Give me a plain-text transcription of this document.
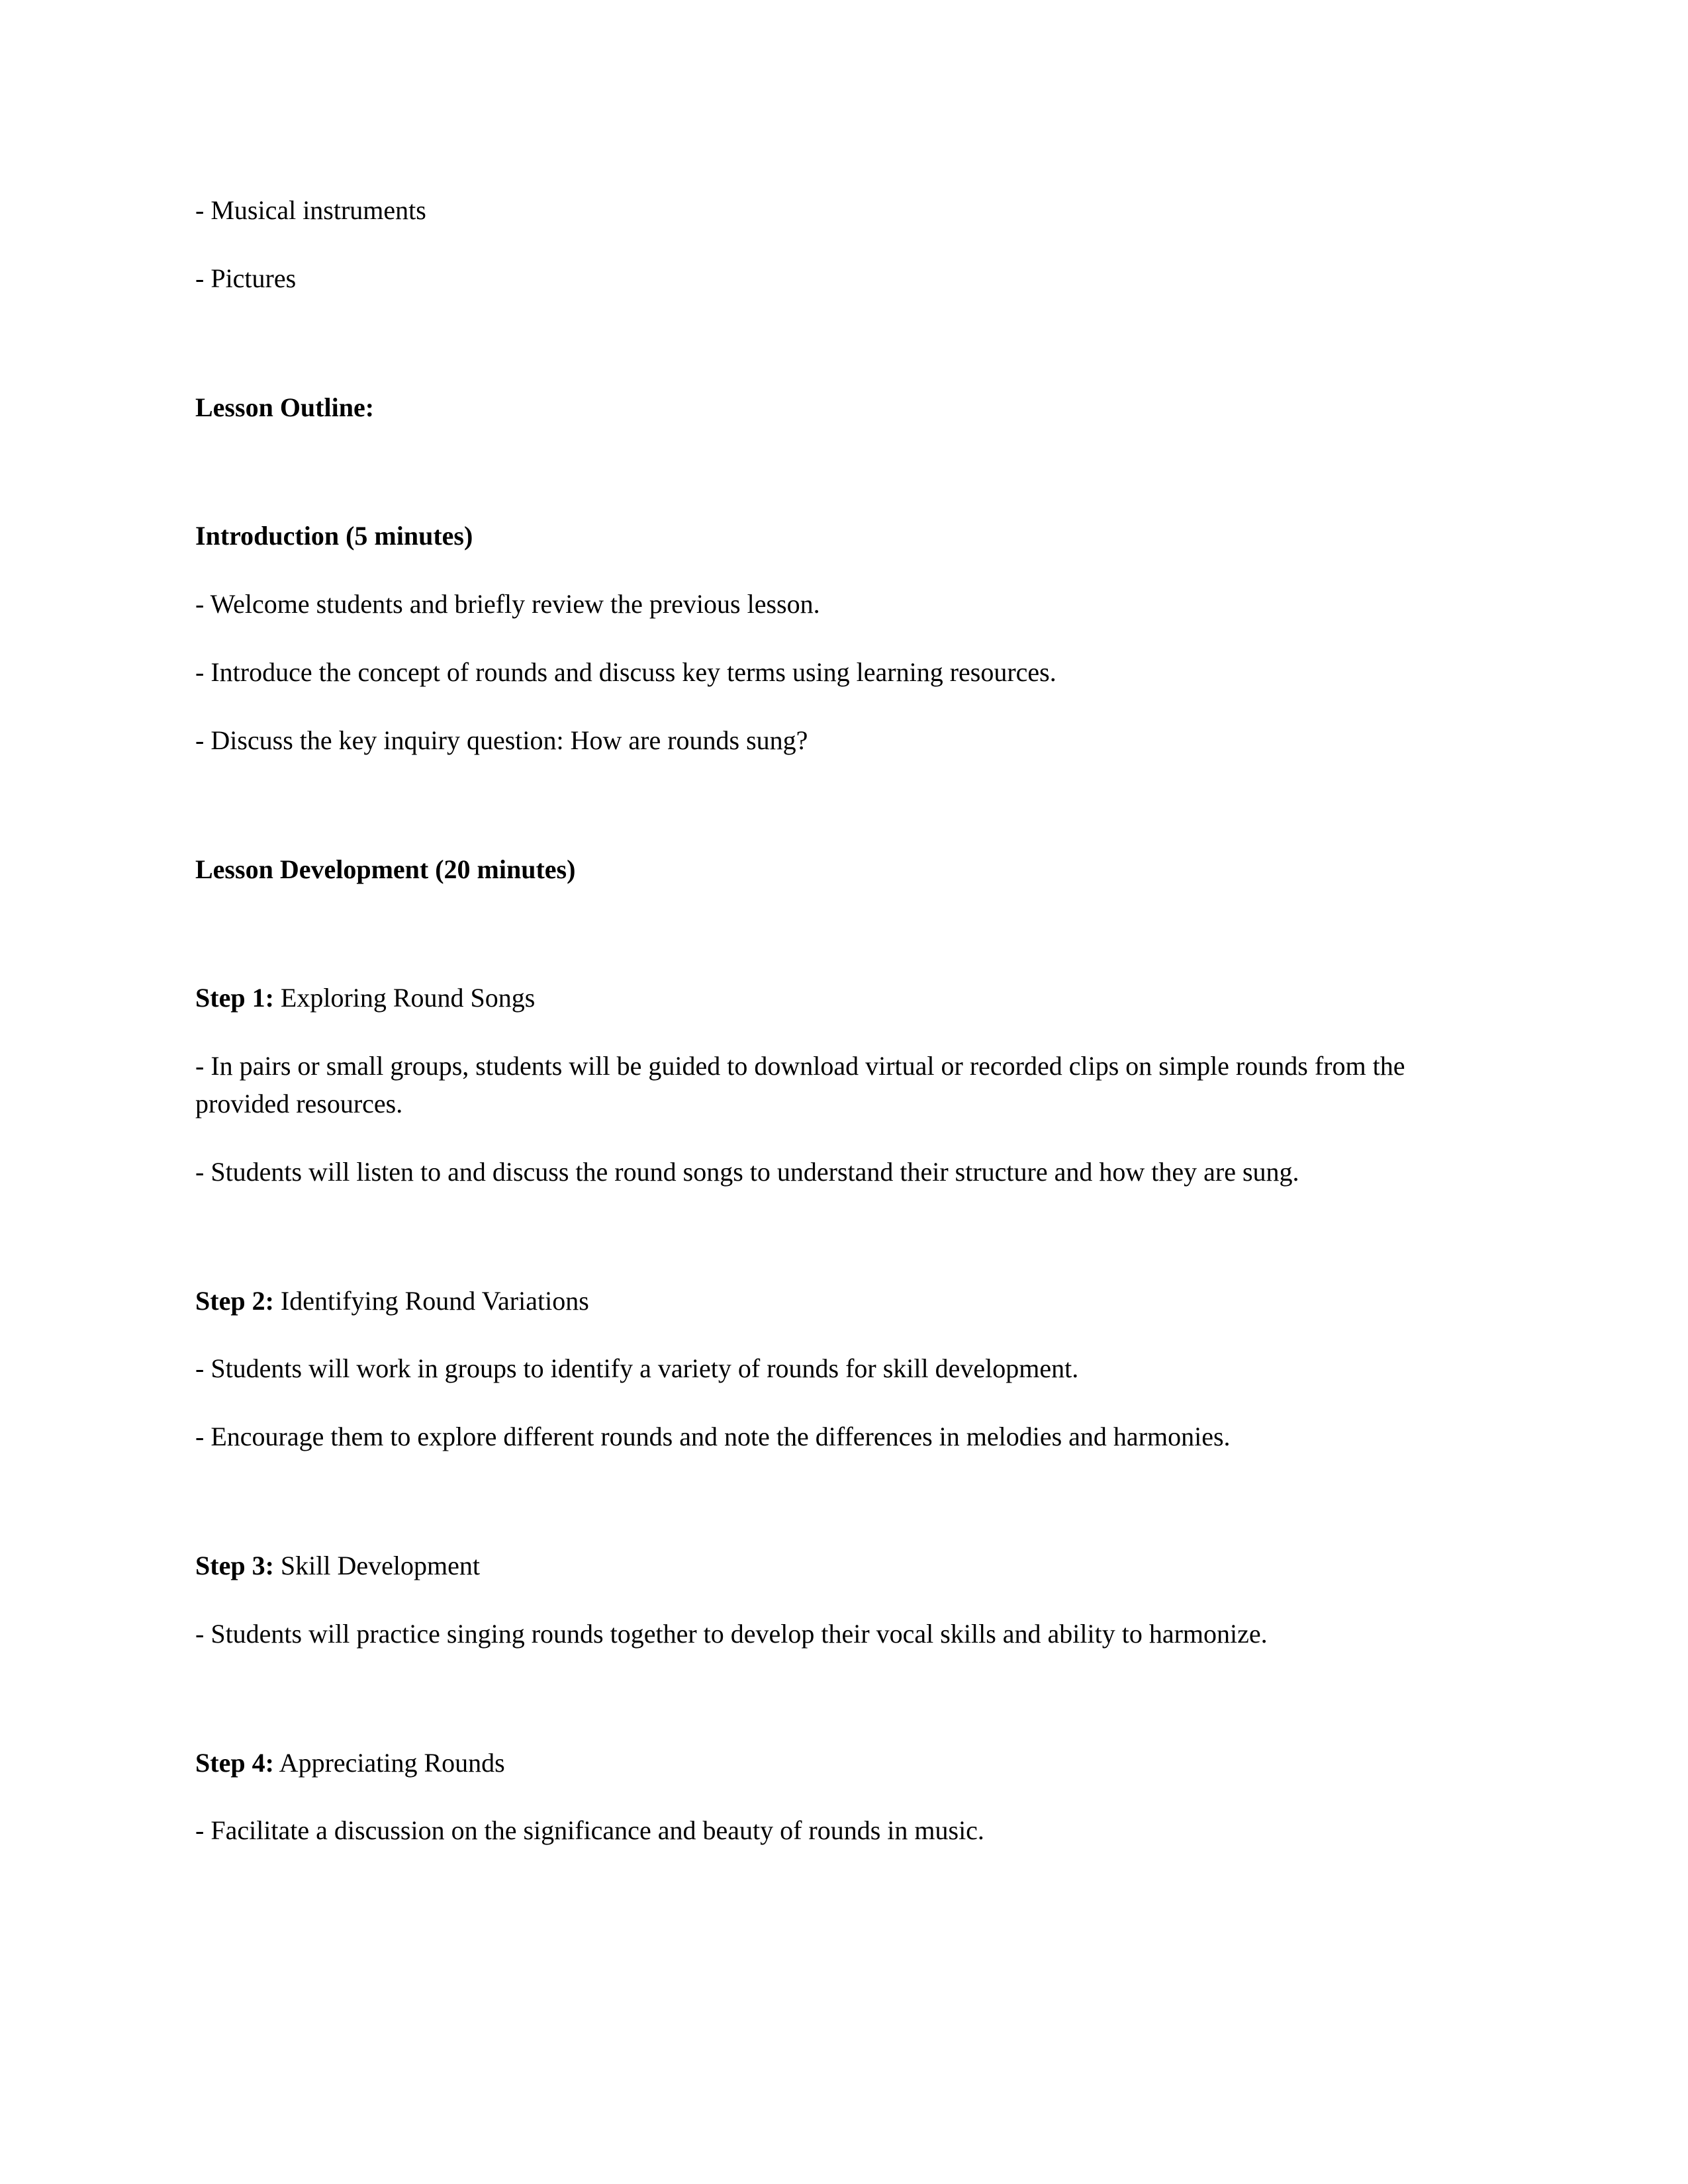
- Musical instruments

- Pictures

Lesson Outline:

Introduction (5 minutes)

- Welcome students and briefly review the previous lesson.

- Introduce the concept of rounds and discuss key terms using learning resources.

- Discuss the key inquiry question: How are rounds sung?

Lesson Development (20 minutes)

Step 1: Exploring Round Songs

- In pairs or small groups, students will be guided to download virtual or recorded clips on simple rounds from the provided resources.

- Students will listen to and discuss the round songs to understand their structure and how they are sung.

Step 2: Identifying Round Variations

- Students will work in groups to identify a variety of rounds for skill development.

- Encourage them to explore different rounds and note the differences in melodies and harmonies.

Step 3: Skill Development

- Students will practice singing rounds together to develop their vocal skills and ability to harmonize.

Step 4: Appreciating Rounds

- Facilitate a discussion on the significance and beauty of rounds in music.
